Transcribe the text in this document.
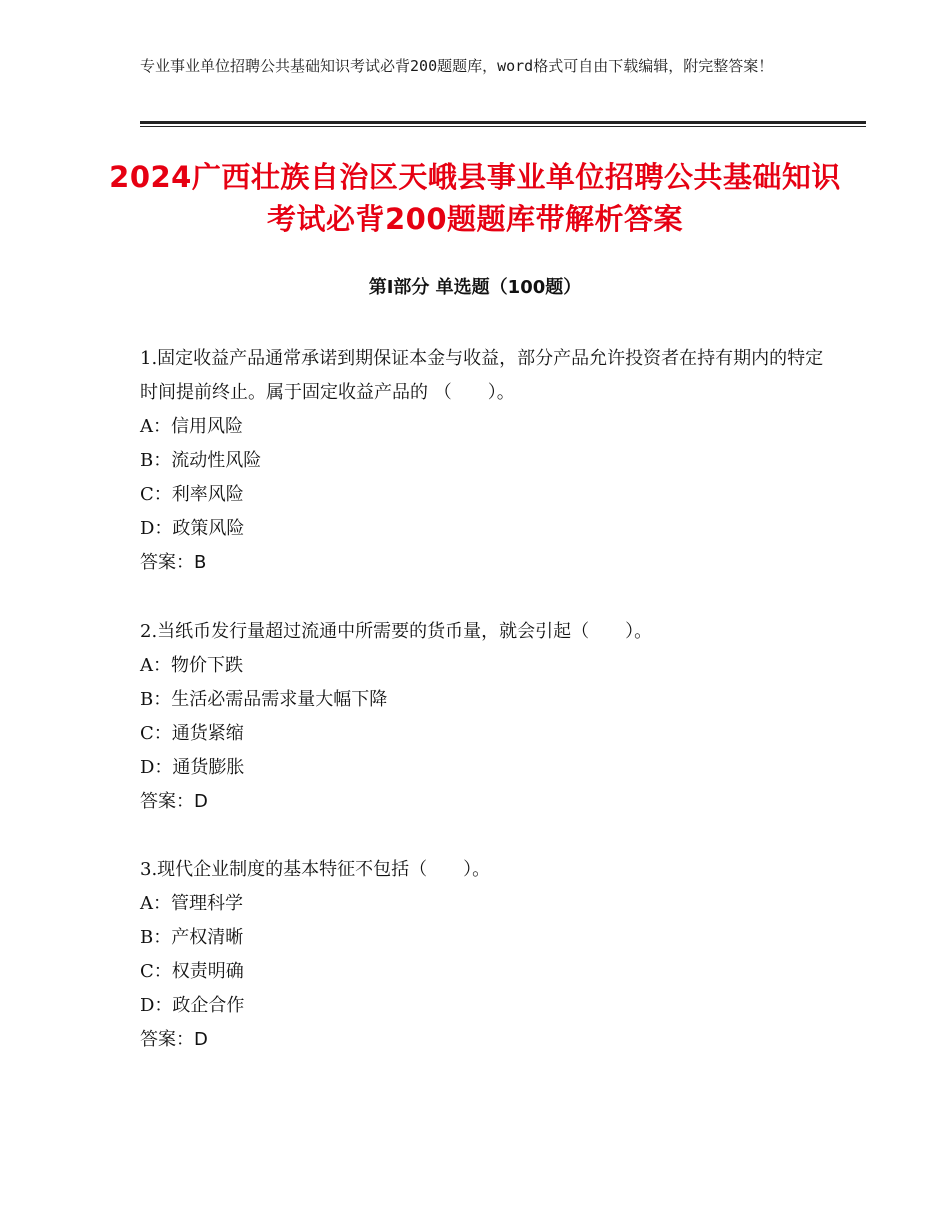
专业事业单位招聘公共基础知识考试必背200题题库，word格式可自由下载编辑，附完整答案！
2024广西壮族自治区天峨县事业单位招聘公共基础知识考试必背200题题库带解析答案
第Ⅰ部分 单选题（100题）

1.固定收益产品通常承诺到期保证本金与收益，部分产品允许投资者在持有期内的特定时间提前终止。属于固定收益产品的 （　　）。

A：信用风险

B：流动性风险

C：利率风险

D：政策风险

答案：B

2.当纸币发行量超过流通中所需要的货币量，就会引起（　　）。

A：物价下跌

B：生活必需品需求量大幅下降

C：通货紧缩

D：通货膨胀

答案：D

3.现代企业制度的基本特征不包括（　　）。

A：管理科学

B：产权清晰

C：权责明确

D：政企合作

答案：D
